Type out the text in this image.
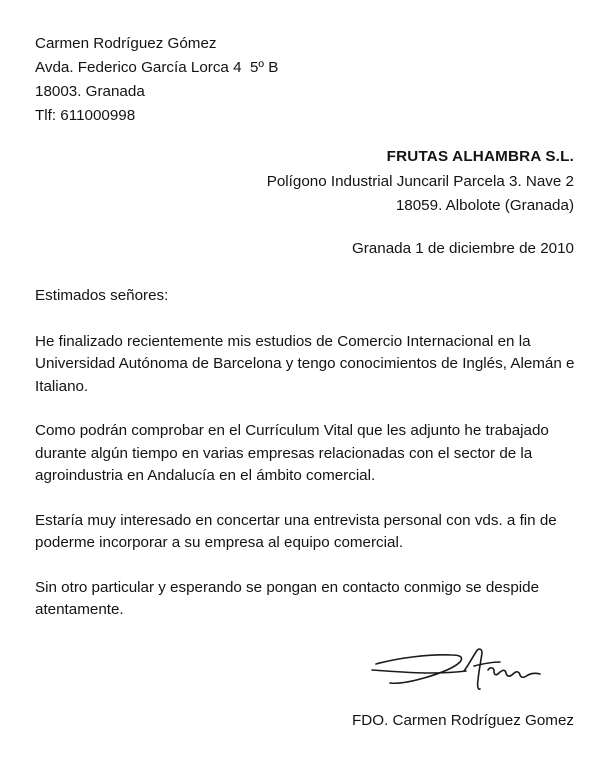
Carmen Rodríguez Gómez
Avda. Federico García Lorca 4  5º B
18003. Granada
Tlf: 611000998
FRUTAS ALHAMBRA S.L.
Polígono Industrial Juncaril Parcela 3. Nave 2
18059. Albolote (Granada)
Granada 1 de diciembre de 2010

Estimados señores:

He finalizado recientemente mis estudios de Comercio Internacional en la Universidad Autónoma de Barcelona y tengo conocimientos de Inglés, Alemán e Italiano.

Como podrán comprobar en el Currículum Vital que les adjunto he trabajado durante algún tiempo en varias empresas relacionadas con el sector de la agroindustria en Andalucía en el ámbito comercial.

Estaría muy interesado en concertar una entrevista personal con vds. a fin de poderme incorporar a su empresa al equipo comercial.

Sin otro particular y esperando se pongan en contacto conmigo se despide atentamente.

FDO. Carmen Rodríguez Gomez
